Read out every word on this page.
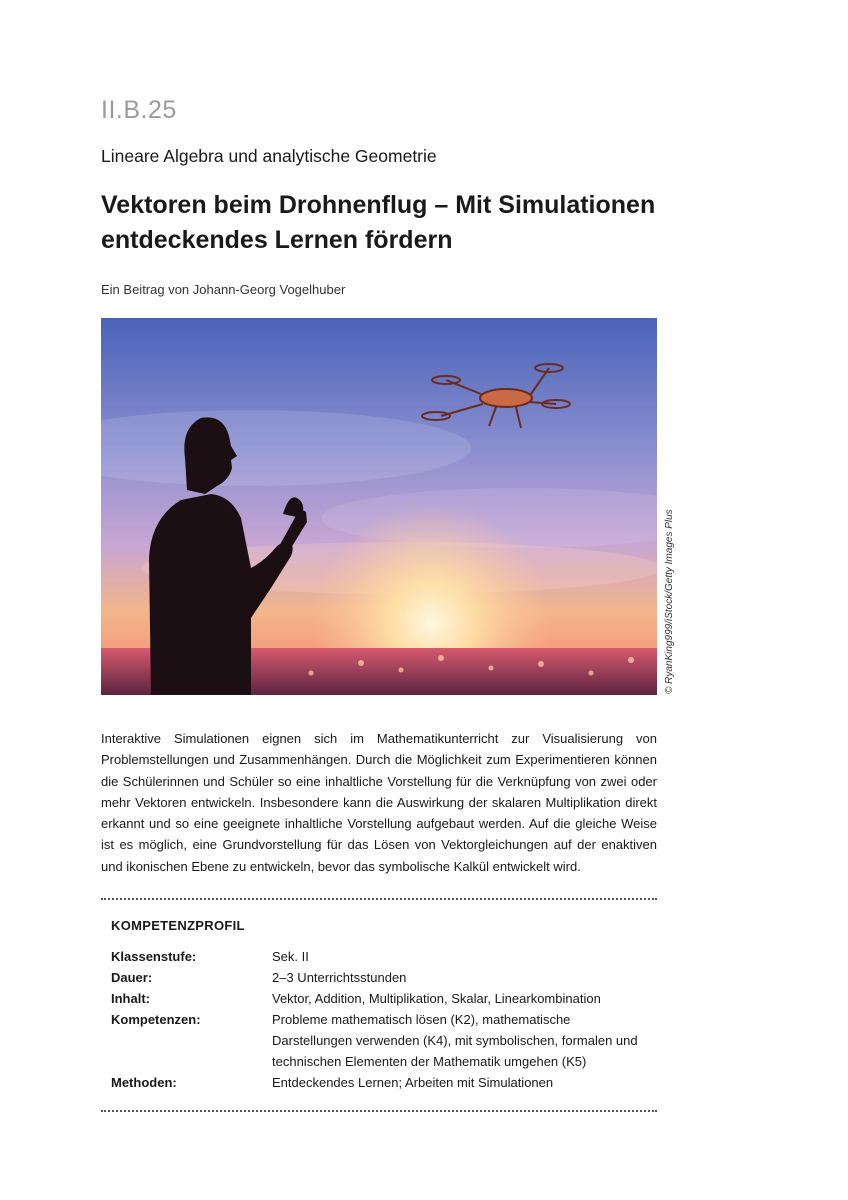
II.B.25
Lineare Algebra und analytische Geometrie
Vektoren beim Drohnenflug – Mit Simulationen entdeckendes Lernen fördern
Ein Beitrag von Johann-Georg Vogelhuber
© RyanKing999/iStock/Getty Images Plus

Interaktive Simulationen eignen sich im Mathematikunterricht zur Visualisierung von Problemstellungen und Zusammenhängen. Durch die Möglichkeit zum Experimentieren können die Schülerinnen und Schüler so eine inhaltliche Vorstellung für die Verknüpfung von zwei oder mehr Vektoren entwickeln. Insbesondere kann die Auswirkung der skalaren Multiplikation direkt erkannt und so eine geeignete inhaltliche Vorstellung aufgebaut werden. Auf die gleiche Weise ist es möglich, eine Grundvorstellung für das Lösen von Vektorgleichungen auf der enaktiven und ikonischen Ebene zu entwickeln, bevor das symbolische Kalkül entwickelt wird.

KOMPETENZPROFIL
Klassenstufe:	Sek. II
Dauer:	2–3 Unterrichtsstunden
Inhalt:	Vektor, Addition, Multiplikation, Skalar, Linearkombination
Kompetenzen:	Probleme mathematisch lösen (K2), mathematische Darstellungen verwenden (K4), mit symbolischen, formalen und technischen Elementen der Mathematik umgehen (K5)
Methoden:	Entdeckendes Lernen; Arbeiten mit Simulationen
